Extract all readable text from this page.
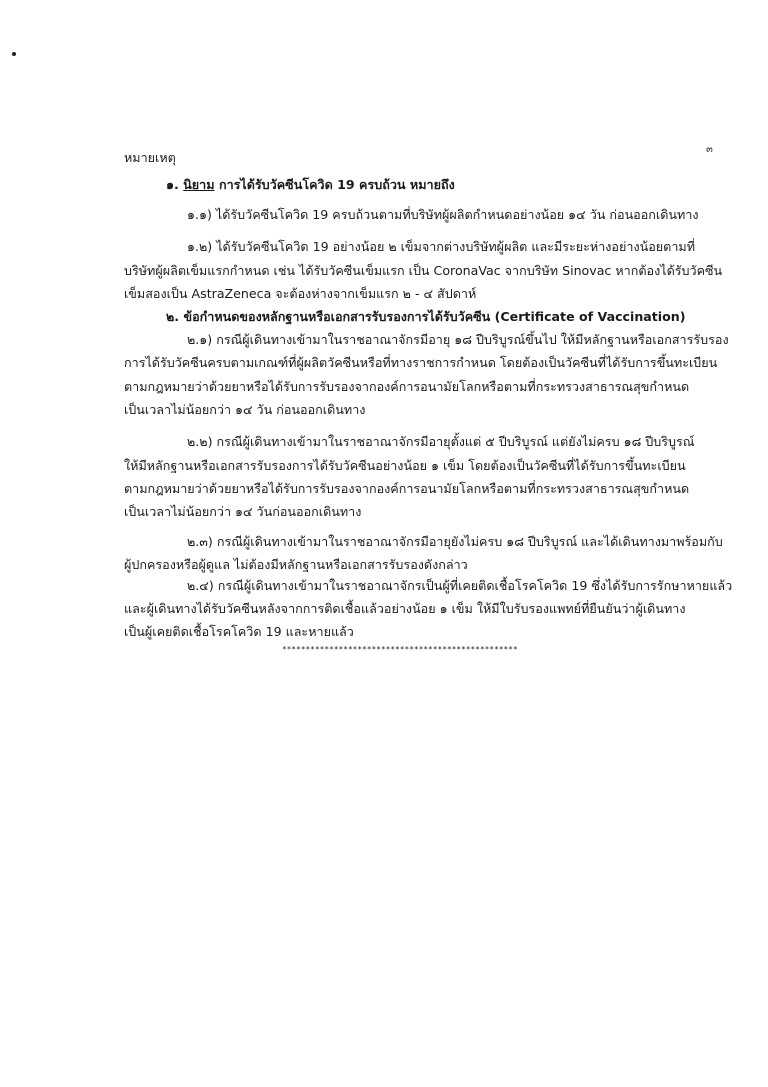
๓
หมายเหตุ
๑. นิยาม การได้รับวัคซีนโควิด 19 ครบถ้วน หมายถึง
๑.๑) ได้รับวัคซีนโควิด 19 ครบถ้วนตามที่บริษัทผู้ผลิตกำหนดอย่างน้อย ๑๔ วัน ก่อนออกเดินทาง
๑.๒) ได้รับวัคซีนโควิด 19 อย่างน้อย ๒ เข็มจากต่างบริษัทผู้ผลิต และมีระยะห่างอย่างน้อยตามที่
บริษัทผู้ผลิตเข็มแรกกำหนด เช่น ได้รับวัคซีนเข็มแรก เป็น CoronaVac จากบริษัท Sinovac หากต้องได้รับวัคซีน
เข็มสองเป็น AstraZeneca จะต้องห่างจากเข็มแรก ๒ - ๔ สัปดาห์
๒. ข้อกำหนดของหลักฐานหรือเอกสารรับรองการได้รับวัคซีน (Certificate of Vaccination)
๒.๑) กรณีผู้เดินทางเข้ามาในราชอาณาจักรมีอายุ ๑๘ ปีบริบูรณ์ขึ้นไป ให้มีหลักฐานหรือเอกสารรับรอง
การได้รับวัคซีนครบตามเกณฑ์ที่ผู้ผลิตวัคซีนหรือที่ทางราชการกำหนด โดยต้องเป็นวัคซีนที่ได้รับการขึ้นทะเบียน
ตามกฎหมายว่าด้วยยาหรือได้รับการรับรองจากองค์การอนามัยโลกหรือตามที่กระทรวงสาธารณสุขกำหนด
เป็นเวลาไม่น้อยกว่า ๑๔ วัน ก่อนออกเดินทาง
๒.๒) กรณีผู้เดินทางเข้ามาในราชอาณาจักรมีอายุตั้งแต่ ๕ ปีบริบูรณ์ แต่ยังไม่ครบ ๑๘ ปีบริบูรณ์
ให้มีหลักฐานหรือเอกสารรับรองการได้รับวัคซีนอย่างน้อย ๑ เข็ม โดยต้องเป็นวัคซีนที่ได้รับการขึ้นทะเบียน
ตามกฎหมายว่าด้วยยาหรือได้รับการรับรองจากองค์การอนามัยโลกหรือตามที่กระทรวงสาธารณสุขกำหนด
เป็นเวลาไม่น้อยกว่า ๑๔ วันก่อนออกเดินทาง
๒.๓) กรณีผู้เดินทางเข้ามาในราชอาณาจักรมีอายุยังไม่ครบ ๑๘ ปีบริบูรณ์ และได้เดินทางมาพร้อมกับ
ผู้ปกครองหรือผู้ดูแล ไม่ต้องมีหลักฐานหรือเอกสารรับรองดังกล่าว
๒.๔) กรณีผู้เดินทางเข้ามาในราชอาณาจักรเป็นผู้ที่เคยติดเชื้อโรคโควิด 19 ซึ่งได้รับการรักษาหายแล้ว
และผู้เดินทางได้รับวัคซีนหลังจากการติดเชื้อแล้วอย่างน้อย ๑ เข็ม ให้มีใบรับรองแพทย์ที่ยืนยันว่าผู้เดินทาง
เป็นผู้เคยติดเชื้อโรคโควิด 19 และหายแล้ว
**************************************************
